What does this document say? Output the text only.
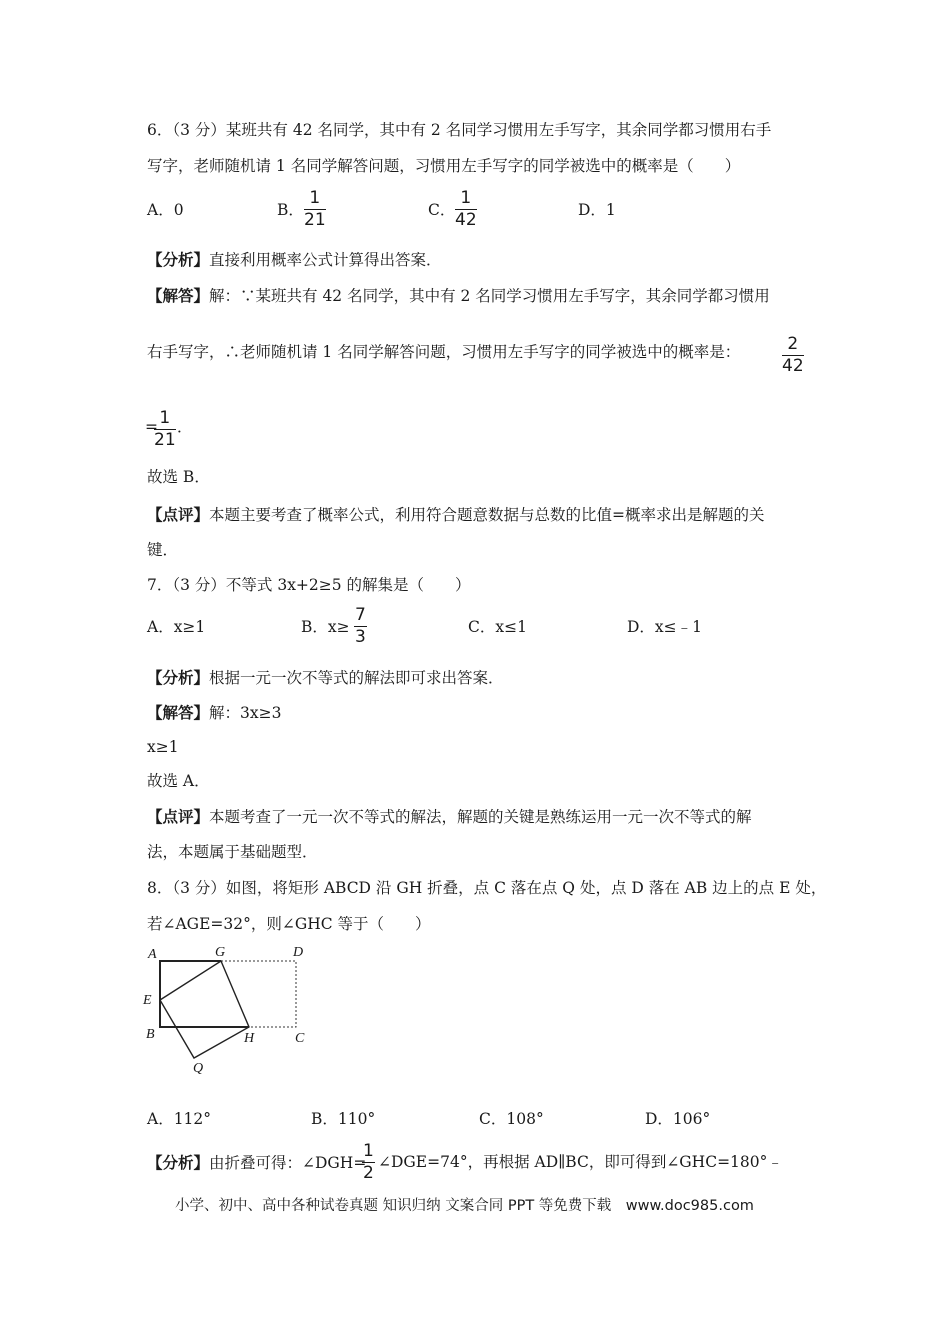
6．（3 分）某班共有 42 名同学，其中有 2 名同学习惯用左手写字，其余同学都习惯用右手
写字，老师随机请 1 名同学解答问题，习惯用左手写字的同学被选中的概率是（　　）
A．0	B．
1
21	C．
1
42	D．1
【分析】直接利用概率公式计算得出答案．
【解答】解：∵某班共有 42 名同学，其中有 2 名同学习惯用左手写字，其余同学都习惯用
右手写字，∴老师随机请 1 名同学解答问题，习惯用左手写字的同学被选中的概率是：	2
42
= 1
21
．
故选 B．
【点评】本题主要考查了概率公式，利用符合题意数据与总数的比值=概率求出是解题的关
键．
7．（3 分）不等式 3x+2≥5 的解集是（　　）
A．x≥1	B．x≥
7
3	C．x≤1	D．x≤﹣1
【分析】根据一元一次不等式的解法即可求出答案．
【解答】解：3x≥3
x≥1
故选 A．
【点评】本题考查了一元一次不等式的解法，解题的关键是熟练运用一元一次不等式的解
法，本题属于基础题型．
8．（3 分）如图，将矩形 ABCD 沿 GH 折叠，点 C 落在点 Q 处，点 D 落在 AB 边上的点 E 处，
若∠AGE=32°，则∠GHC 等于（　　）
A	G	D
E
B	H	C
Q
A．112°	B．110°	C．108°	D．106°
【分析】由折叠可得：∠DGH=
1
2
∠DGE=74°，再根据 AD∥BC，即可得到∠GHC=180°﹣
小学、初中、高中各种试卷真题 知识归纳 文案合同 PPT 等免费下载　www.doc985.com
